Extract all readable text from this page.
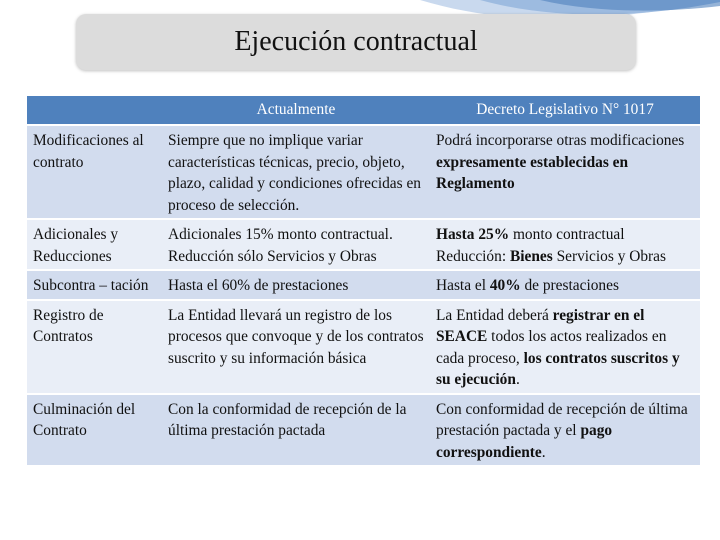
Ejecución contractual
	Actualmente	Decreto Legislativo N° 1017
Modificaciones al contrato	Siempre que no implique variar características técnicas, precio, objeto, plazo, calidad y condiciones ofrecidas en proceso de selección.	Podrá incorporarse otras modificaciones expresamente establecidas en Reglamento
Adicionales y Reducciones	Adicionales 15% monto contractual. Reducción sólo Servicios y Obras	Hasta 25% monto contractual Reducción: Bienes Servicios y Obras
Subcontra – tación	Hasta el 60% de prestaciones	Hasta el 40% de prestaciones
Registro de Contratos	La Entidad llevará un registro de los procesos que convoque y de los contratos suscrito y su información básica	La Entidad deberá registrar en el SEACE todos los actos realizados en cada proceso, los contratos suscritos y su ejecución.
Culminación del Contrato	Con la conformidad de recepción de la última prestación pactada	Con conformidad de recepción de última prestación pactada y el pago correspondiente.
